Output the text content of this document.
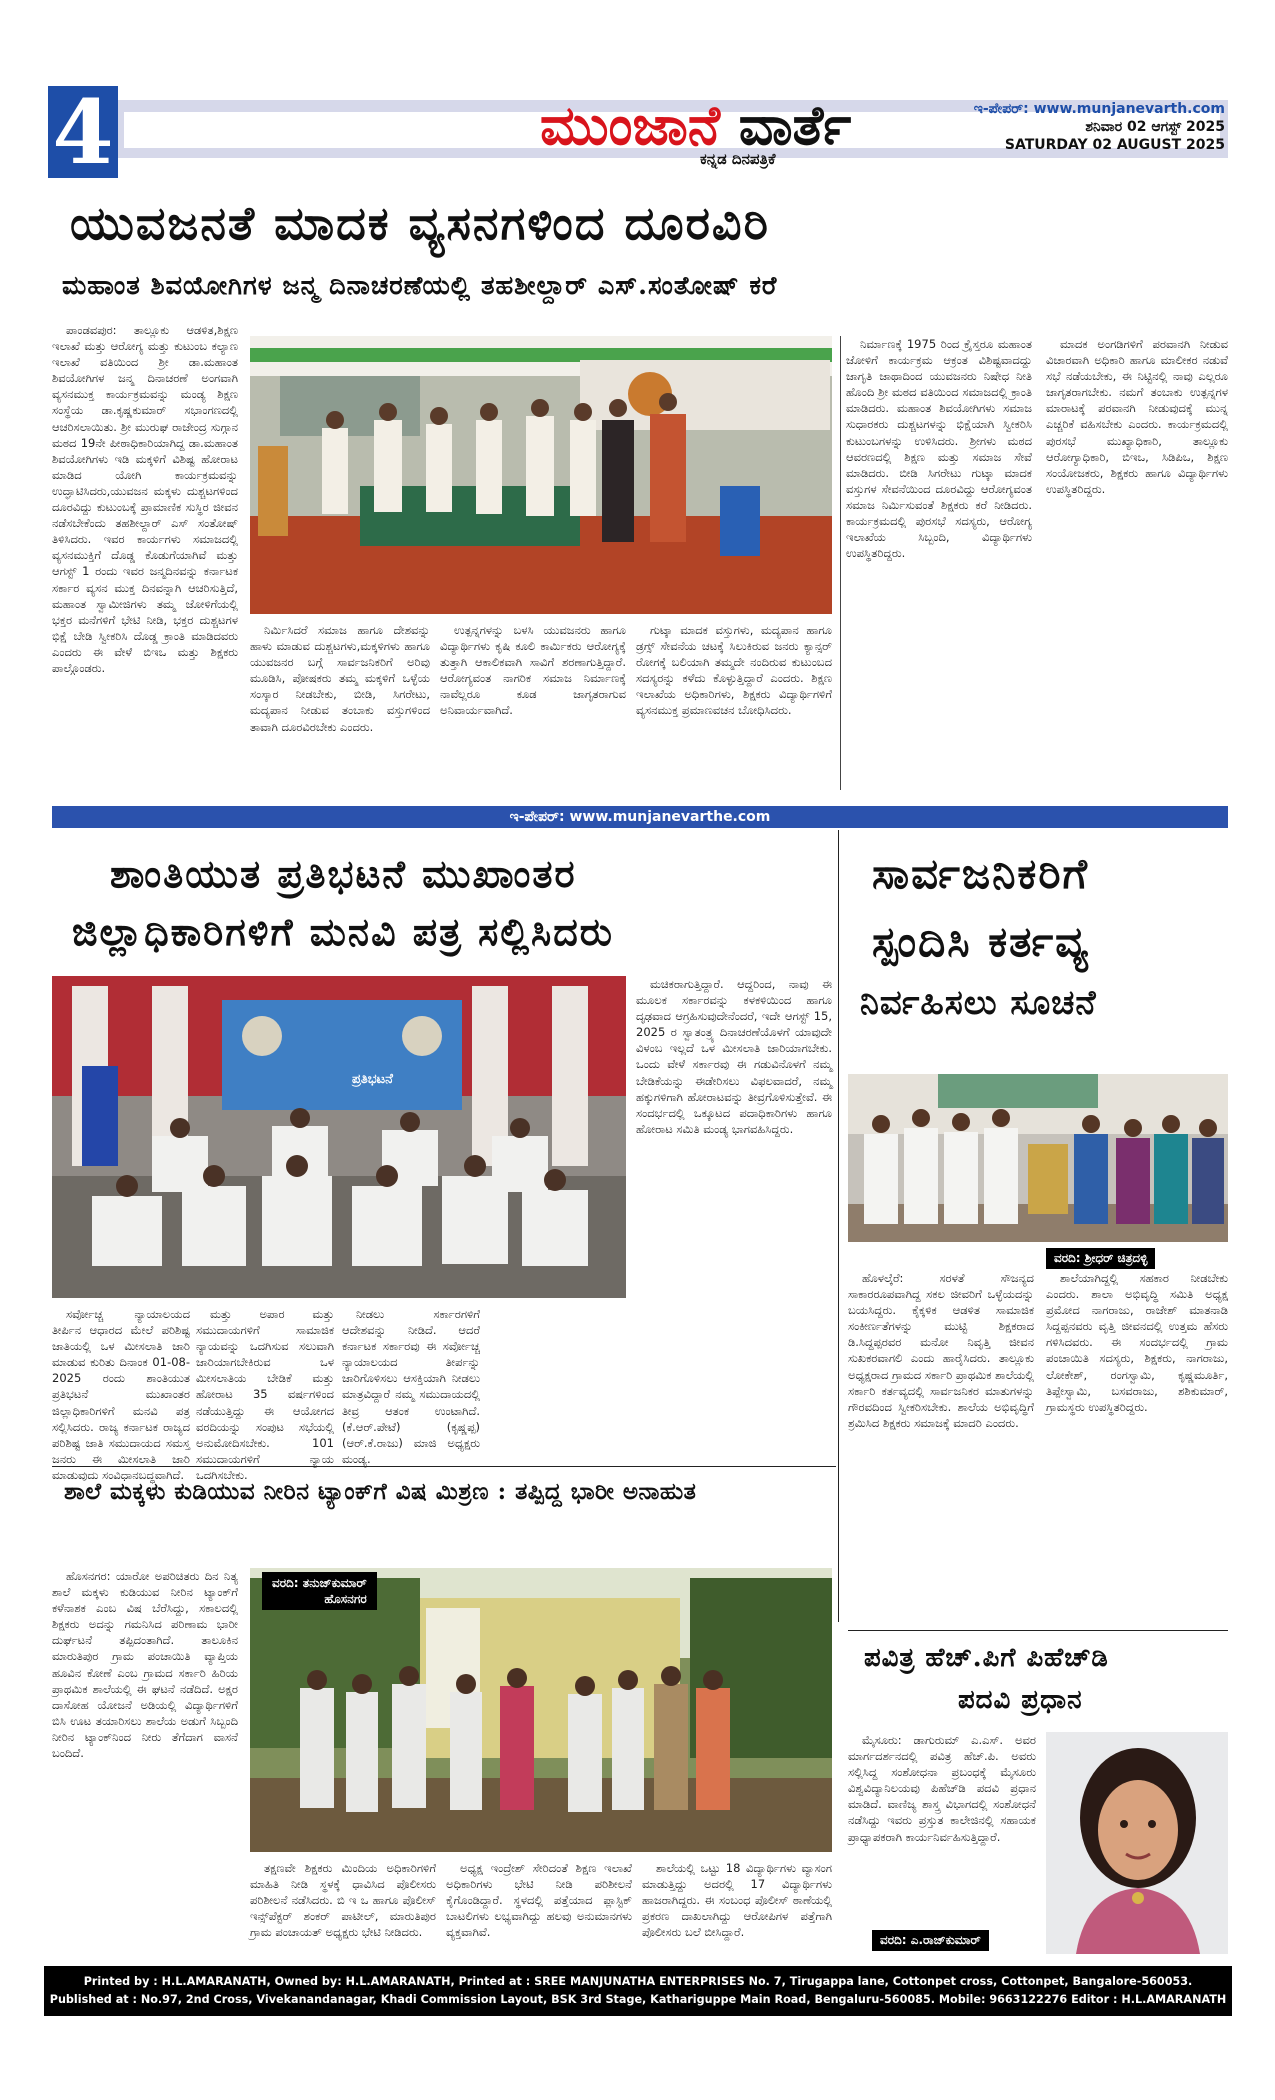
4	ಮುಂಜಾನೆ ವಾರ್ತೆ
ಕನ್ನಡ ದಿನಪತ್ರಿಕೆ
ಇ-ಪೇಪರ್: www.munjanevarth.com
ಶನಿವಾರ 02 ಆಗಸ್ಟ್ 2025
SATURDAY 02 AUGUST 2025
ಯುವಜನತೆ ಮಾದಕ ವ್ಯಸನಗಳಿಂದ ದೂರವಿರಿ
ಮಹಾಂತ ಶಿವಯೋಗಿಗಳ ಜನ್ಮ ದಿನಾಚರಣೆಯಲ್ಲಿ ತಹಶೀಲ್ದಾರ್ ಎಸ್.ಸಂತೋಷ್ ಕರೆ

ಪಾಂಡವಪುರ: ತಾಲ್ಲೂಕು ಆಡಳಿತ,ಶಿಕ್ಷಣ ಇಲಾಖೆ ಮತ್ತು ಆರೋಗ್ಯ ಮತ್ತು ಕುಟುಂಬ ಕಲ್ಯಾಣ ಇಲಾಖೆ ವತಿಯಿಂದ ಶ್ರೀ ಡಾ.ಮಹಾಂತ ಶಿವಯೋಗಿಗಳ ಜನ್ಮ ದಿನಾಚರಣೆ ಅಂಗವಾಗಿ ವ್ಯಸನಮುಕ್ತ ಕಾರ್ಯಕ್ರಮವನ್ನು ಮಂಡ್ಯ ಶಿಕ್ಷಣ ಸಂಸ್ಥೆಯ ಡಾ.ಕೃಷ್ಣಕುಮಾರ್ ಸಭಾಂಗಣದಲ್ಲಿ ಆಚರಿಸಲಾಯಿತು. ಶ್ರೀ ಮುರುಘ ರಾಜೇಂದ್ರ ಸುಗ್ಗಾನ ಮಠದ 19ನೇ ಪೀಠಾಧಿಕಾರಿಯಾಗಿದ್ದ ಡಾ.ಮಹಾಂತ ಶಿವಯೋಗಿಗಳು ಇಡಿ ಮಕ್ಕಳಿಗೆ ವಿಶಿಷ್ಟ ಹೋರಾಟ ಮಾಡಿದ ಯೋಗಿ ಕಾರ್ಯಕ್ರಮವನ್ನು ಉದ್ಘಾಟಿಸಿದರು,ಯುವಜನ ಮಕ್ಕಳು ದುಶ್ಚಟಗಳಿಂದ ದೂರವಿದ್ದು ಕುಟುಂಬಕ್ಕೆ ಪ್ರಾಮಾಣಿಕ ಸುಸ್ಥಿರ ಜೀವನ ನಡೆಸಬೇಕೆಂದು ತಹಶೀಲ್ದಾರ್ ಎಸ್ ಸಂತೋಷ್ ತಿಳಿಸಿದರು. ಇವರ ಕಾರ್ಯಗಳು ಸಮಾಜದಲ್ಲಿ ವ್ಯಸನಮುಕ್ತಿಗೆ ದೊಡ್ಡ ಕೊಡುಗೆಯಾಗಿವೆ ಮತ್ತು ಆಗಸ್ಟ್ 1 ರಂದು ಇವರ ಜನ್ಮದಿನವನ್ನು ಕರ್ನಾಟಕ ಸರ್ಕಾರ ವ್ಯಸನ ಮುಕ್ತ ದಿನವನ್ನಾಗಿ ಆಚರಿಸುತ್ತಿದೆ, ಮಹಾಂತ ಸ್ವಾಮೀಜಿಗಳು ತಮ್ಮ ಜೋಳಿಗೆಯಲ್ಲಿ ಭಕ್ತರ ಮನೆಗಳಿಗೆ ಭೇಟಿ ನೀಡಿ, ಭಕ್ತರ ದುಶ್ಚಟಗಳ ಭಿಕ್ಷೆ ಬೇಡಿ ಸ್ವೀಕರಿಸಿ ದೊಡ್ಡ ಕ್ರಾಂತಿ ಮಾಡಿದವರು ಎಂದರು ಈ ವೇಳೆ ಬಿಇಒ ಮತ್ತು ಶಿಕ್ಷಕರು ಪಾಲ್ಗೊಂಡರು.

ನಿರ್ಮಿಸಿದರೆ ಸಮಾಜ ಹಾಗೂ ದೇಶವನ್ನು ಹಾಳು ಮಾಡುವ ದುಶ್ಚಟಗಳು,ಮಕ್ಕಳಿಗಳು ಹಾಗೂ ಯುವಜನರ ಬಗ್ಗೆ ಸಾರ್ವಜನಿಕರಿಗೆ ಅರಿವು ಮೂಡಿಸಿ, ಪೋಷಕರು ತಮ್ಮ ಮಕ್ಕಳಿಗೆ ಒಳ್ಳೆಯ ಸಂಸ್ಕಾರ ನೀಡಬೇಕು, ಬೀಡಿ, ಸಿಗರೇಟು, ಮದ್ಯಪಾನ ನೀಡುವ ತಂಬಾಕು ವಸ್ತುಗಳಿಂದ ತಾವಾಗಿ ದೂರವಿರಬೇಕು ಎಂದರು.

ಉತ್ಪನ್ನಗಳನ್ನು ಬಳಸಿ ಯುವಜನರು ಹಾಗೂ ವಿದ್ಯಾರ್ಥಿಗಳು ಕೃಷಿ ಕೂಲಿ ಕಾರ್ಮಿಕರು ಆರೋಗ್ಯಕ್ಕೆ ತುತ್ತಾಗಿ ಆಕಾಲಿಕವಾಗಿ ಸಾವಿಗೆ ಶರಣಾಗುತ್ತಿದ್ದಾರೆ. ಆರೋಗ್ಯವಂತ ನಾಗರಿಕ ಸಮಾಜ ನಿರ್ಮಾಣಕ್ಕೆ ನಾವೆಲ್ಲರೂ ಕೂಡ ಜಾಗೃತರಾಗುವ ಅನಿವಾರ್ಯವಾಗಿದೆ.

ಗುಟ್ಕಾ ಮಾದಕ ವಸ್ತುಗಳು, ಮದ್ಯಪಾನ ಹಾಗೂ ಡ್ರಗ್ಸ್ ಸೇವನೆಯ ಚಟಕ್ಕೆ ಸಿಲುಕಿರುವ ಜನರು ಕ್ಯಾನ್ಸರ್ ರೋಗಕ್ಕೆ ಬಲಿಯಾಗಿ ತಮ್ಮದೇ ನಂದಿರುವ ಕುಟುಂಬದ ಸದಸ್ಯರನ್ನು ಕಳೆದು ಕೊಳ್ಳುತ್ತಿದ್ದಾರೆ ಎಂದರು. ಶಿಕ್ಷಣ ಇಲಾಖೆಯ ಅಧಿಕಾರಿಗಳು, ಶಿಕ್ಷಕರು ವಿದ್ಯಾರ್ಥಿಗಳಿಗೆ ವ್ಯಸನಮುಕ್ತ ಪ್ರಮಾಣವಚನ ಬೋಧಿಸಿದರು.

ನಿರ್ಮಾಣಕ್ಕೆ 1975 ರಿಂದ ಕ್ರೈಸ್ತರೂ ಮಹಾಂತ ಜೋಳಿಗೆ ಕಾರ್ಯಕ್ರಮ ಆಕ್ರಂತ ವಿಶಿಷ್ಟವಾದದ್ದು ಜಾಗೃತಿ ಜಾಥಾದಿಂದ ಯುವಜನರು ನಿಷೇಧ ನೀತಿ ಹೊಂದಿ ಶ್ರೀ ಮಠದ ವತಿಯಿಂದ ಸಮಾಜದಲ್ಲಿ ಕ್ರಾಂತಿ ಮಾಡಿದರು. ಮಹಾಂತ ಶಿವಯೋಗಿಗಳು ಸಮಾಜ ಸುಧಾರಕರು ದುಶ್ಚಟಗಳನ್ನು ಭಿಕ್ಷೆಯಾಗಿ ಸ್ವೀಕರಿಸಿ ಕುಟುಂಬಗಳನ್ನು ಉಳಿಸಿದರು. ಶ್ರೀಗಳು ಮಠದ ಆವರಣದಲ್ಲಿ ಶಿಕ್ಷಣ ಮತ್ತು ಸಮಾಜ ಸೇವೆ ಮಾಡಿದರು. ಬೀಡಿ ಸಿಗರೇಟು ಗುಟ್ಕಾ ಮಾದಕ ವಸ್ತುಗಳ ಸೇವನೆಯಿಂದ ದೂರವಿದ್ದು ಆರೋಗ್ಯವಂತ ಸಮಾಜ ನಿರ್ಮಿಸುವಂತೆ ಶಿಕ್ಷಕರು ಕರೆ ನೀಡಿದರು. ಕಾರ್ಯಕ್ರಮದಲ್ಲಿ ಪುರಸಭೆ ಸದಸ್ಯರು, ಆರೋಗ್ಯ ಇಲಾಖೆಯ ಸಿಬ್ಬಂದಿ, ವಿದ್ಯಾರ್ಥಿಗಳು ಉಪಸ್ಥಿತರಿದ್ದರು.

ಮಾದಕ ಅಂಗಡಿಗಳಿಗೆ ಪರವಾನಗಿ ನೀಡುವ ವಿಚಾರವಾಗಿ ಅಧಿಕಾರಿ ಹಾಗೂ ಮಾಲೀಕರ ನಡುವೆ ಸಭೆ ನಡೆಯಬೇಕು, ಈ ನಿಟ್ಟಿನಲ್ಲಿ ನಾವು ಎಲ್ಲರೂ ಜಾಗೃತರಾಗಬೇಕು. ನಮಗೆ ತಂಬಾಕು ಉತ್ಪನ್ನಗಳ ಮಾರಾಟಕ್ಕೆ ಪರವಾನಗಿ ನೀಡುವುದಕ್ಕೆ ಮುನ್ನ ಎಚ್ಚರಿಕೆ ವಹಿಸಬೇಕು ಎಂದರು. ಕಾರ್ಯಕ್ರಮದಲ್ಲಿ ಪುರಸಭೆ ಮುಖ್ಯಾಧಿಕಾರಿ, ತಾಲ್ಲೂಕು ಆರೋಗ್ಯಾಧಿಕಾರಿ, ಬಿಇಒ, ಸಿಡಿಪಿಒ, ಶಿಕ್ಷಣ ಸಂಯೋಜಕರು, ಶಿಕ್ಷಕರು ಹಾಗೂ ವಿದ್ಯಾರ್ಥಿಗಳು ಉಪಸ್ಥಿತರಿದ್ದರು.

ಇ-ಪೇಪರ್: www.munjanevarthe.com
ಶಾಂತಿಯುತ ಪ್ರತಿಭಟನೆ ಮುಖಾಂತರ
ಜಿಲ್ಲಾಧಿಕಾರಿಗಳಿಗೆ ಮನವಿ ಪತ್ರ ಸಲ್ಲಿಸಿದರು
ಪ್ರತಿಭಟನೆ

ಸರ್ವೋಚ್ಚ ನ್ಯಾಯಾಲಯದ ತೀರ್ಪಿನ ಆಧಾರದ ಮೇಲೆ ಪರಿಶಿಷ್ಟ ಜಾತಿಯಲ್ಲಿ ಒಳ ಮೀಸಲಾತಿ ಜಾರಿ ಮಾಡುವ ಕುರಿತು ದಿನಾಂಕ 01-08-2025 ರಂದು ಶಾಂತಿಯುತ ಪ್ರತಿಭಟನೆ ಮುಖಾಂತರ ಜಿಲ್ಲಾಧಿಕಾರಿಗಳಿಗೆ ಮನವಿ ಪತ್ರ ಸಲ್ಲಿಸಿದರು. ರಾಜ್ಯ ಕರ್ನಾಟಕ ರಾಜ್ಯದ ಪರಿಶಿಷ್ಟ ಜಾತಿ ಸಮುದಾಯದ ಸಮಸ್ತ ಜನರು ಈ ಮೀಸಲಾತಿ ಜಾರಿ ಮಾಡುವುದು ಸಂವಿಧಾನಬದ್ಧವಾಗಿದೆ.

ಮತ್ತು ಅಪಾರ ಮತ್ತು ಸಮುದಾಯಗಳಿಗೆ ಸಾಮಾಜಿಕ ನ್ಯಾಯವನ್ನು ಒದಗಿಸುವ ಸಲುವಾಗಿ ಜಾರಿಯಾಗಬೇಕಿರುವ ಒಳ ಮೀಸಲಾತಿಯ ಬೇಡಿಕೆ ಮತ್ತು ಹೋರಾಟ 35 ವರ್ಷಗಳಿಂದ ನಡೆಯುತ್ತಿದ್ದು ಈ ಆಯೋಗದ ವರದಿಯನ್ನು ಸಂಪುಟ ಸಭೆಯಲ್ಲಿ ಅನುಮೋದಿಸಬೇಕು. 101 ಸಮುದಾಯಗಳಿಗೆ ನ್ಯಾಯ ಒದಗಿಸಬೇಕು.

ನೀಡಲು ಸರ್ಕಾರಗಳಿಗೆ ಆದೇಶವನ್ನು ನೀಡಿದೆ. ಆದರೆ ಕರ್ನಾಟಕ ಸರ್ಕಾರವು ಈ ಸರ್ವೋಚ್ಚ ನ್ಯಾಯಾಲಯದ ತೀರ್ಪನ್ನು ಜಾರಿಗೊಳಿಸಲು ಆಸಕ್ತಿಯಾಗಿ ನೀಡಲು ಮಾತ್ರವಿದ್ದಾರೆ ನಮ್ಮ ಸಮುದಾಯದಲ್ಲಿ ತೀವ್ರ ಆತಂಕ ಉಂಟಾಗಿದೆ. (ಕೆ.ಆರ್.ಪೇಟೆ) (ಕೃಷ್ಣಪ್ಪ) (ಆರ್.ಕೆ.ರಾಜು) ಮಾಜಿ ಅಧ್ಯಕ್ಷರು ಮಂಡ್ಯ.

ಮಚಿಕರಾಗುತ್ತಿದ್ದಾರೆ. ಆದ್ದರಿಂದ, ನಾವು ಈ ಮೂಲಕ ಸರ್ಕಾರವನ್ನು ಕಳಕಳಿಯಿಂದ ಹಾಗೂ ದೃಢವಾದ ಆಗ್ರಹಿಸುವುದೇನೆಂದರೆ, ಇದೇ ಆಗಸ್ಟ್ 15, 2025 ರ ಸ್ವಾತಂತ್ರ್ಯ ದಿನಾಚರಣೆಯೊಳಗೆ ಯಾವುದೇ ವಿಳಂಬ ಇಲ್ಲದೆ ಒಳ ಮೀಸಲಾತಿ ಜಾರಿಯಾಗಬೇಕು. ಒಂದು ವೇಳೆ ಸರ್ಕಾರವು ಈ ಗಡುವಿನೊಳಗೆ ನಮ್ಮ ಬೇಡಿಕೆಯನ್ನು ಈಡೇರಿಸಲು ವಿಫಲವಾದರೆ, ನಮ್ಮ ಹಕ್ಕುಗಳಿಗಾಗಿ ಹೋರಾಟವನ್ನು ತೀವ್ರಗೊಳಿಸುತ್ತೇವೆ. ಈ ಸಂದರ್ಭದಲ್ಲಿ ಒಕ್ಕೂಟದ ಪದಾಧಿಕಾರಿಗಳು ಹಾಗೂ ಹೋರಾಟ ಸಮಿತಿ ಮಂಡ್ಯ ಭಾಗವಹಿಸಿದ್ದರು.

ಸಾರ್ವಜನಿಕರಿಗೆ
ಸ್ಪಂದಿಸಿ ಕರ್ತವ್ಯ
ನಿರ್ವಹಿಸಲು ಸೂಚನೆ
ವರದಿ: ಶ್ರೀಧರ್ ಚಿತ್ರದಳ್ಳಿ

ಹೊಳಲ್ಕೆರೆ: ಸರಳತೆ ಸೌಜನ್ಯದ ಸಾಕಾರರೂಪವಾಗಿದ್ದ ಸಕಲ ಜೀವರಿಗೆ ಒಳ್ಳೆಯದನ್ನು ಬಯಸಿದ್ದರು. ಕೈಕ್ಕಳಿಕ ಆಡಳಿತ ಸಾಮಾಜಿಕ ಸಂಕೀರ್ಣತೆಗಳನ್ನು ಮುಟ್ಟಿ ಶಿಕ್ಷಕರಾದ ಡಿ.ಸಿದ್ದಪ್ಪರವರ ಮನೋ ನಿವೃತ್ತಿ ಜೀವನ ಸುಖಕರವಾಗಲಿ ಎಂದು ಹಾರೈಸಿದರು. ತಾಲ್ಲೂಕು ಅಧ್ಯಕ್ಷರಾದ ಗ್ರಾಮದ ಸರ್ಕಾರಿ ಪ್ರಾಥಮಿಕ ಶಾಲೆಯಲ್ಲಿ ಸರ್ಕಾರಿ ಕರ್ತವ್ಯದಲ್ಲಿ ಸಾರ್ವಜನಿಕರ ಮಾತುಗಳನ್ನು ಗೌರವದಿಂದ ಸ್ವೀಕರಿಸಬೇಕು. ಶಾಲೆಯ ಅಭಿವೃದ್ಧಿಗೆ ಶ್ರಮಿಸಿದ ಶಿಕ್ಷಕರು ಸಮಾಜಕ್ಕೆ ಮಾದರಿ ಎಂದರು.

ಶಾಲೆಯಾಗಿದ್ದಲ್ಲಿ ಸಹಕಾರ ನೀಡಬೇಕು ಎಂದರು. ಶಾಲಾ ಅಭಿವೃದ್ಧಿ ಸಮಿತಿ ಅಧ್ಯಕ್ಷ ಪ್ರಮೋದ ನಾಗರಾಜು, ರಾಜೇಶ್ ಮಾತನಾಡಿ ಸಿದ್ದಪ್ಪನವರು ವೃತ್ತಿ ಜೀವನದಲ್ಲಿ ಉತ್ತಮ ಹೆಸರು ಗಳಿಸಿದವರು. ಈ ಸಂದರ್ಭದಲ್ಲಿ ಗ್ರಾಮ ಪಂಚಾಯಿತಿ ಸದಸ್ಯರು, ಶಿಕ್ಷಕರು, ನಾಗರಾಜು, ಲೋಕೇಶ್, ರಂಗಸ್ವಾಮಿ, ಕೃಷ್ಣಮೂರ್ತಿ, ತಿಪ್ಪೇಸ್ವಾಮಿ, ಬಸವರಾಜು, ಶಶಿಕುಮಾರ್, ಗ್ರಾಮಸ್ಥರು ಉಪಸ್ಥಿತರಿದ್ದರು.

ಶಾಲೆ ಮಕ್ಕಳು ಕುಡಿಯುವ ನೀರಿನ ಟ್ಯಾಂಕ್‌ಗೆ ವಿಷ ಮಿಶ್ರಣ : ತಪ್ಪಿದ್ದ ಭಾರೀ ಅನಾಹುತ

ಹೊಸನಗರ: ಯಾರೋ ಅಪರಿಚಿತರು ದಿನ ನಿತ್ಯ ಶಾಲೆ ಮಕ್ಕಳು ಕುಡಿಯುವ ನೀರಿನ ಟ್ಯಾಂಕ್‌ಗೆ ಕಳೆನಾಶಕ ಎಂಬ ವಿಷ ಬೆರೆಸಿದ್ದು, ಸಕಾಲದಲ್ಲಿ ಶಿಕ್ಷಕರು ಅದನ್ನು ಗಮನಿಸಿದ ಪರಿಣಾಮ ಭಾರೀ ದುರ್ಘಟನೆ ತಪ್ಪಿದಂತಾಗಿದೆ. ತಾಲೂಕಿನ ಮಾರುತಿಪುರ ಗ್ರಾಮ ಪಂಚಾಯಿತಿ ವ್ಯಾಪ್ತಿಯ ಹೂವಿನ ಕೋಣೆ ಎಂಬ ಗ್ರಾಮದ ಸರ್ಕಾರಿ ಹಿರಿಯ ಪ್ರಾಥಮಿಕ ಶಾಲೆಯಲ್ಲಿ ಈ ಘಟನೆ ನಡೆದಿದೆ. ಅಕ್ಷರ ದಾಸೋಹ ಯೋಜನೆ ಅಡಿಯಲ್ಲಿ ವಿದ್ಯಾರ್ಥಿಗಳಿಗೆ ಬಿಸಿ ಊಟ ತಯಾರಿಸಲು ಶಾಲೆಯ ಅಡುಗೆ ಸಿಬ್ಬಂದಿ ನೀರಿನ ಟ್ಯಾಂಕ್‌ನಿಂದ ನೀರು ತೆಗೆದಾಗ ವಾಸನೆ ಬಂದಿದೆ.

ವರದಿ: ತನುಜ್‌ಕುಮಾರ್
ಹೊಸನಗರ

ತಕ್ಷಣವೇ ಶಿಕ್ಷಕರು ಮಿಂದಿಯ ಅಧಿಕಾರಿಗಳಿಗೆ ಮಾಹಿತಿ ನೀಡಿ ಸ್ಥಳಕ್ಕೆ ಧಾವಿಸಿದ ಪೊಲೀಸರು ಪರಿಶೀಲನೆ ನಡೆಸಿದರು. ಬಿ ಇ ಒ ಹಾಗೂ ಪೊಲೀಸ್ ಇನ್ಸ್‌ಪೆಕ್ಟರ್ ಶಂಕರ್ ಪಾಟೀಲ್, ಮಾರುತಿಪುರ ಗ್ರಾಮ ಪಂಚಾಯತ್ ಅಧ್ಯಕ್ಷರು ಭೇಟಿ ನೀಡಿದರು.

ಅಧ್ಯಕ್ಷ ಇಂದ್ರೇಶ್ ಸೇರಿದಂತೆ ಶಿಕ್ಷಣ ಇಲಾಖೆ ಅಧಿಕಾರಿಗಳು ಭೇಟಿ ನೀಡಿ ಪರಿಶೀಲನೆ ಕೈಗೊಂಡಿದ್ದಾರೆ. ಸ್ಥಳದಲ್ಲಿ ಪತ್ತೆಯಾದ ಪ್ಲಾಸ್ಟಿಕ್ ಬಾಟಲಿಗಳು ಲಭ್ಯವಾಗಿದ್ದು ಹಲವು ಅನುಮಾನಗಳು ವ್ಯಕ್ತವಾಗಿವೆ.

ಶಾಲೆಯಲ್ಲಿ ಒಟ್ಟು 18 ವಿದ್ಯಾರ್ಥಿಗಳು ವ್ಯಾಸಂಗ ಮಾಡುತ್ತಿದ್ದು ಅದರಲ್ಲಿ 17 ವಿದ್ಯಾರ್ಥಿಗಳು ಹಾಜರಾಗಿದ್ದರು. ಈ ಸಂಬಂಧ ಪೊಲೀಸ್ ಠಾಣೆಯಲ್ಲಿ ಪ್ರಕರಣ ದಾಖಲಾಗಿದ್ದು ಆರೋಪಿಗಳ ಪತ್ತೆಗಾಗಿ ಪೊಲೀಸರು ಬಲೆ ಬೀಸಿದ್ದಾರೆ.

ಪವಿತ್ರ ಹೆಚ್.ಪಿಗೆ ಪಿಹೆಚ್‌ಡಿ
ಪದವಿ ಪ್ರಧಾನ

ಮೈಸೂರು: ಡಾಗುರುಮ್ ಎ.ಎಸ್. ಅವರ ಮಾರ್ಗದರ್ಶನದಲ್ಲಿ ಪವಿತ್ರ ಹೆಚ್.ಪಿ. ಅವರು ಸಲ್ಲಿಸಿದ್ದ ಸಂಶೋಧನಾ ಪ್ರಬಂಧಕ್ಕೆ ಮೈಸೂರು ವಿಶ್ವವಿದ್ಯಾನಿಲಯವು ಪಿಹೆಚ್‌ಡಿ ಪದವಿ ಪ್ರಧಾನ ಮಾಡಿದೆ. ವಾಣಿಜ್ಯ ಶಾಸ್ತ್ರ ವಿಭಾಗದಲ್ಲಿ ಸಂಶೋಧನೆ ನಡೆಸಿದ್ದು ಇವರು ಪ್ರಸ್ತುತ ಕಾಲೇಜಿನಲ್ಲಿ ಸಹಾಯಕ ಪ್ರಾಧ್ಯಾಪಕರಾಗಿ ಕಾರ್ಯನಿರ್ವಹಿಸುತ್ತಿದ್ದಾರೆ.

ವರದಿ: ಎ.ರಾಜ್‌ಕುಮಾರ್
Printed by : H.L.AMARANATH, Owned by: H.L.AMARANATH, Printed at : SREE MANJUNATHA ENTERPRISES No. 7, Tirugappa lane, Cottonpet cross, Cottonpet, Bangalore-560053.
Published at : No.97, 2nd Cross, Vivekanandanagar, Khadi Commission Layout, BSK 3rd Stage, Kathariguppe Main Road, Bengaluru-560085. Mobile: 9663122276 Editor : H.L.AMARANATH
